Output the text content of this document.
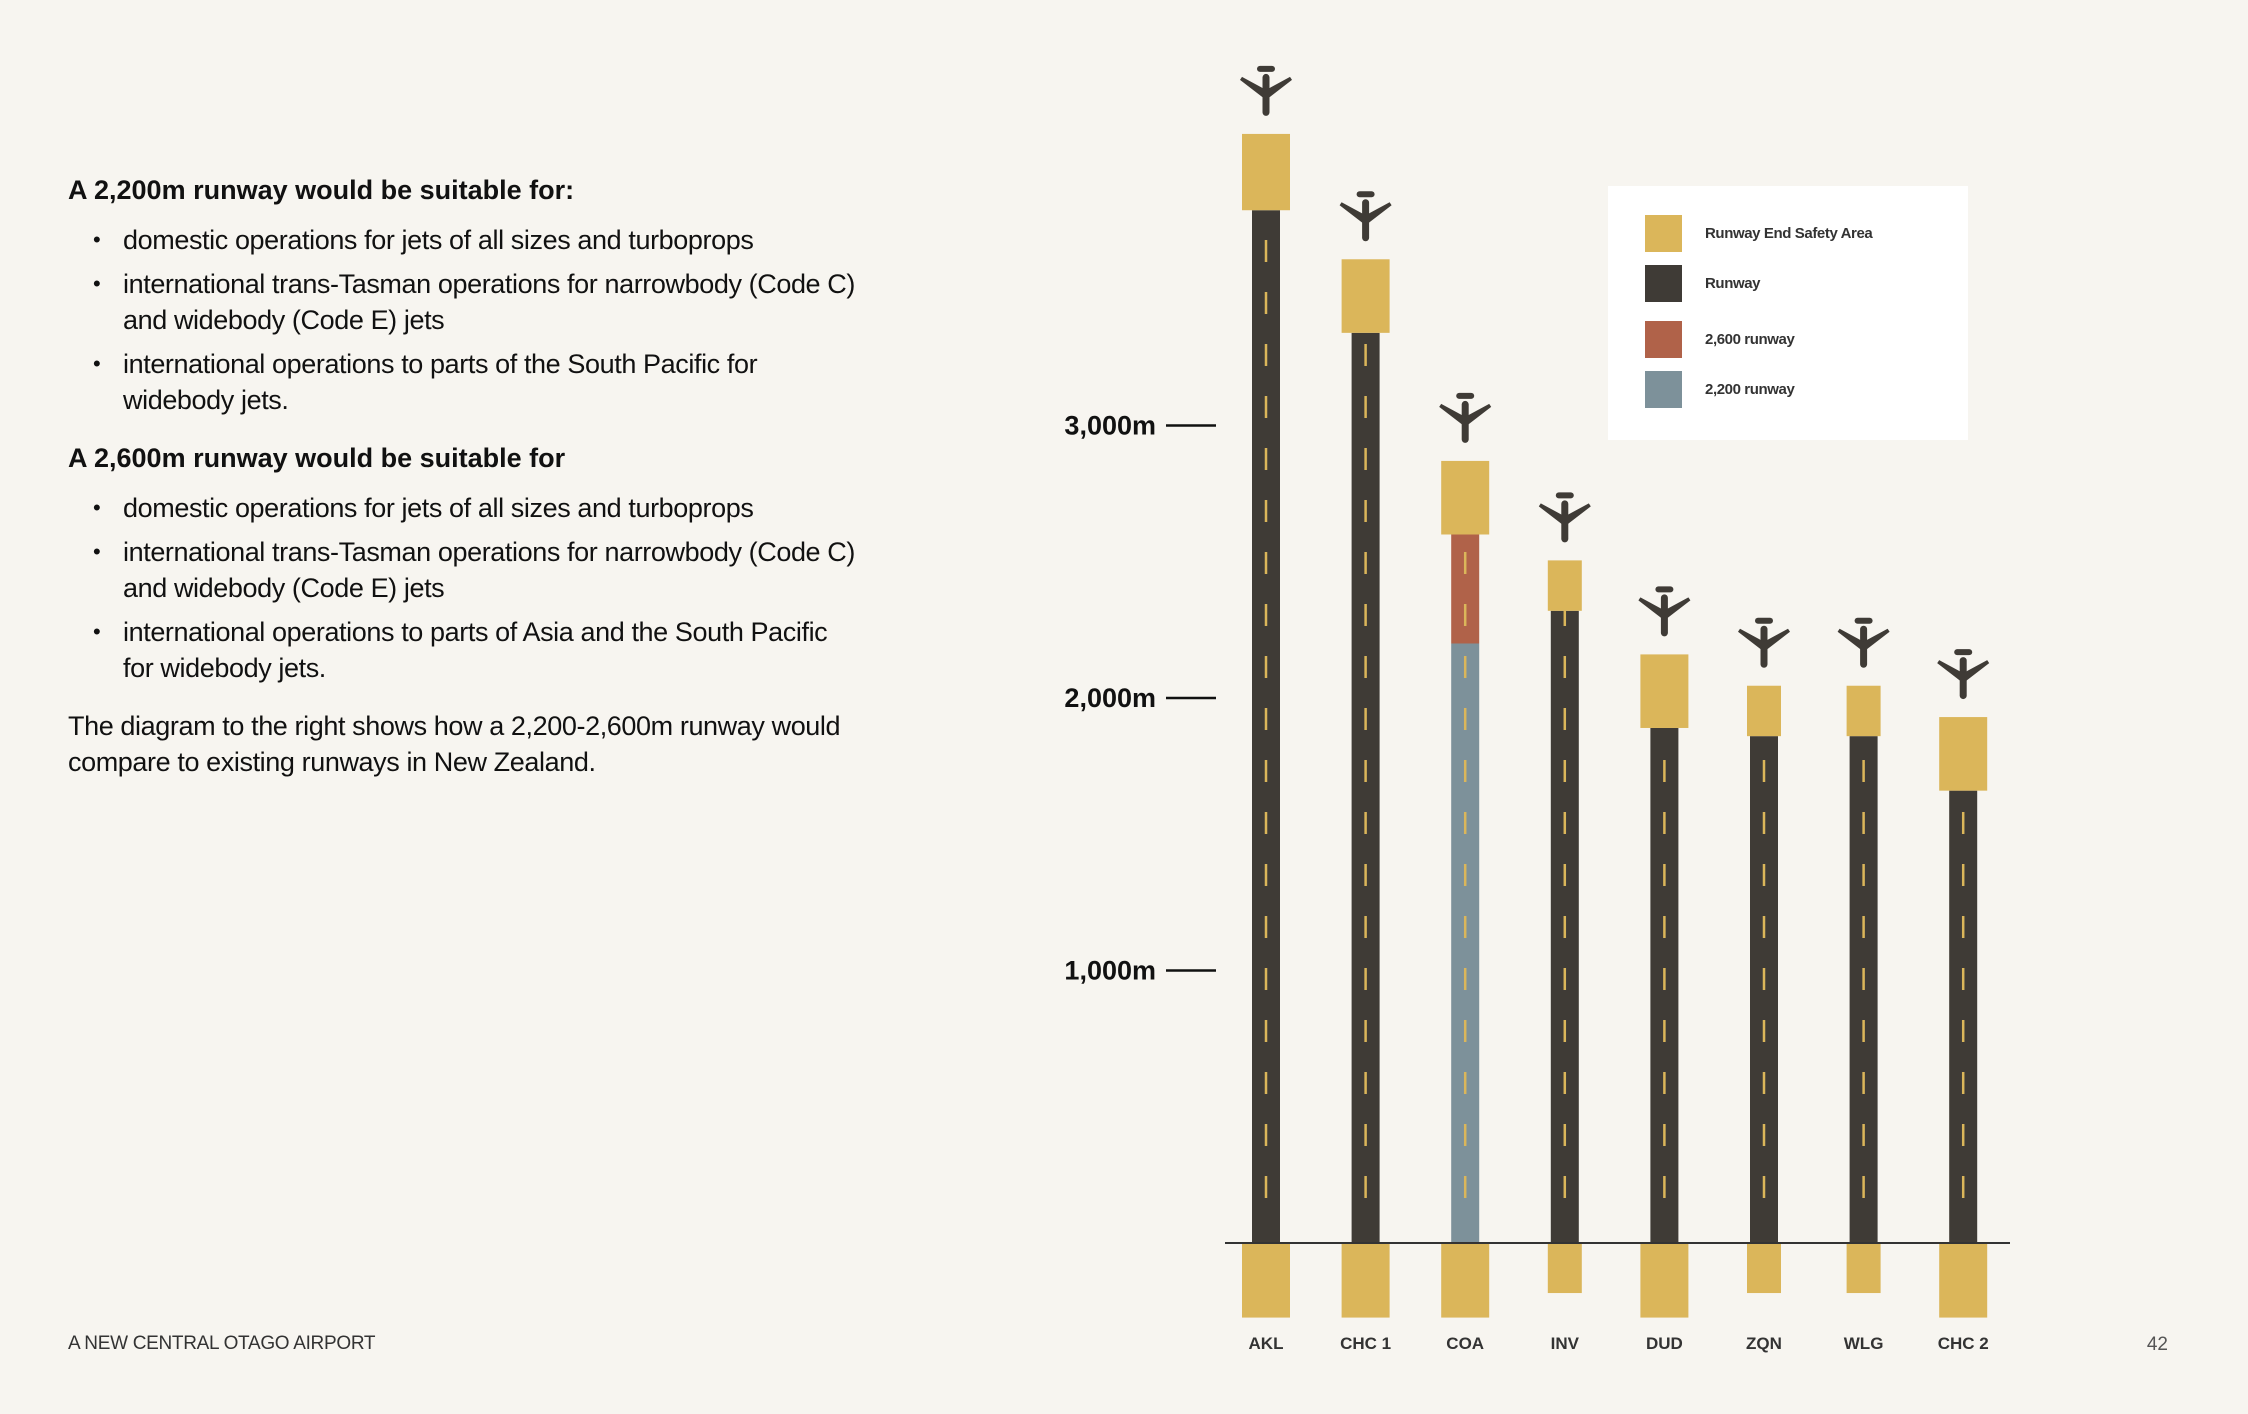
A 2,200m runway would be suitable for:

• domestic operations for jets of all sizes and turboprops
• international trans-Tasman operations for narrowbody (Code C) and widebody (Code E) jets
• international operations to parts of the South Pacific for widebody jets.

A 2,600m runway would be suitable for

• domestic operations for jets of all sizes and turboprops
• international trans-Tasman operations for narrowbody (Code C) and widebody (Code E) jets
• international operations to parts of Asia and the South Pacific for widebody jets.

The diagram to the right shows how a 2,200-2,600m runway would compare to existing runways in New Zealand.

1,000m
2,000m
3,000m
AKL	CHC 1	COA	INV	DUD	ZQN	WLG	CHC 2
Runway End Safety Area
Runway
2,600 runway
2,200 runway
A NEW CENTRAL OTAGO AIRPORT	42
